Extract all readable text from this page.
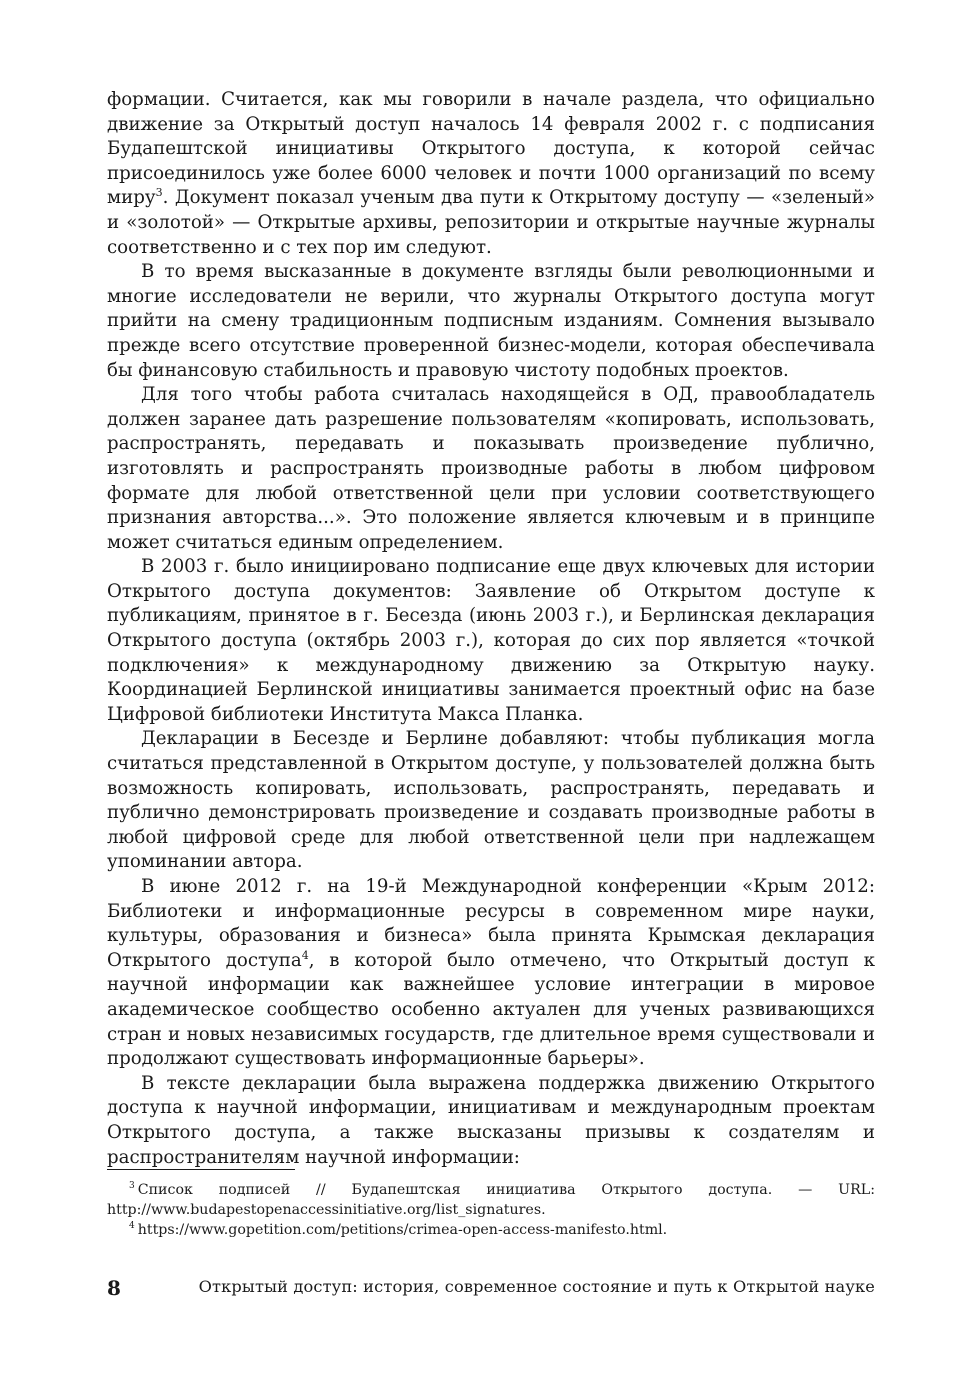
формации. Считается, как мы говорили в начале раздела, что официально движение за Открытый доступ началось 14 февраля 2002 г. с подписания Будапештской инициативы Открытого доступа, к которой сейчас присоединилось уже более 6000 человек и почти 1000 организаций по всему миру$^3$. Документ показал ученым два пути к Открытому доступу — «зеленый» и «золотой» — Открытые архивы, репозитории и открытые научные журналы соответственно и с тех пор им следуют.

В то время высказанные в документе взгляды были революционными и многие исследователи не верили, что журналы Открытого доступа могут прийти на смену традиционным подписным изданиям. Сомнения вызывало прежде всего отсутствие проверенной бизнес-модели, которая обеспечивала бы финансовую стабильность и правовую чистоту подобных проектов.

Для того чтобы работа считалась находящейся в ОД, правообладатель должен заранее дать разрешение пользователям «копировать, использовать, распространять, передавать и показывать произведение публично, изготовлять и распространять производные работы в любом цифровом формате для любой ответственной цели при условии соответствующего признания авторства...». Это положение является ключевым и в принципе может считаться единым определением.

В 2003 г. было инициировано подписание еще двух ключевых для истории Открытого доступа документов: Заявление об Открытом доступе к публикациям, принятое в г. Бесезда (июнь 2003 г.), и Берлинская декларация Открытого доступа (октябрь 2003 г.), которая до сих пор является «точкой подключения» к международному движению за Открытую науку. Координацией Берлинской инициативы занимается проектный офис на базе Цифровой библиотеки Института Макса Планка.

Декларации в Бесезде и Берлине добавляют: чтобы публикация могла считаться представленной в Открытом доступе, у пользователей должна быть возможность копировать, использовать, распространять, передавать и публично демонстрировать произведение и создавать производные работы в любой цифровой среде для любой ответственной цели при надлежащем упоминании автора.

В июне 2012 г. на 19-й Международной конференции «Крым 2012: Библиотеки и информационные ресурсы в современном мире науки, культуры, образования и бизнеса» была принята Крымская декларация Открытого доступа$^4$, в которой было отмечено, что Открытый доступ к научной информации как важнейшее условие интеграции в мировое академическое сообщество особенно актуален для ученых развивающихся стран и новых независимых государств, где длительное время существовали и продолжают существовать информационные барьеры».

В тексте декларации была выражена поддержка движению Открытого доступа к научной информации, инициативам и международным проектам Открытого доступа, а также высказаны призывы к создателям и распространителям научной информации:

$^3$ Список подписей // Будапештская инициатива Открытого доступа. — URL: http://www.budapestopenaccessinitiative.org/list_signatures.

$^4$ https://www.gopetition.com/petitions/crimea-open-access-manifesto.html.

8	Открытый доступ: история, современное состояние и путь к Открытой науке
